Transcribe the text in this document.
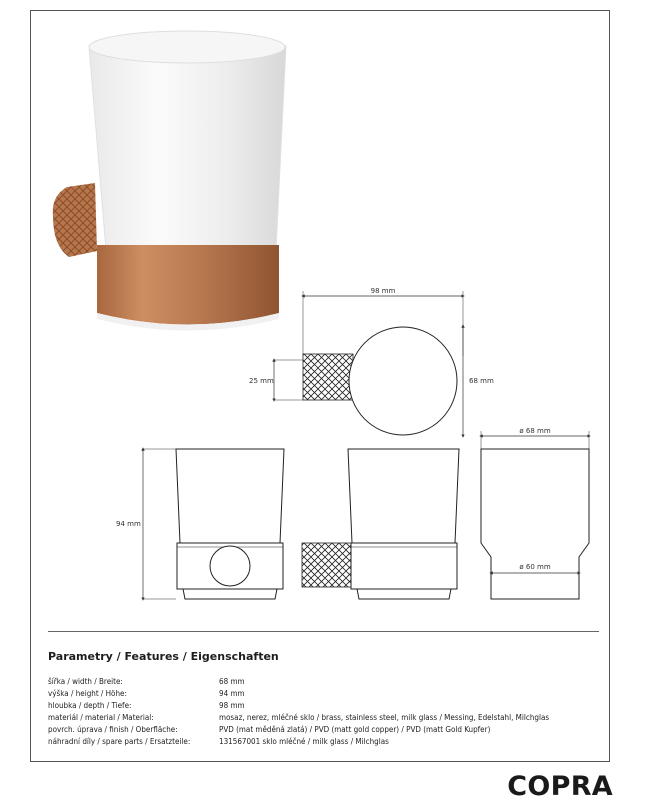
98 mm
68 mm
25 mm
94 mm
ø 68 mm
ø 60 mm
Parametry / Features / Eigenschaften
šířka / width / Breite:	68 mm
výška / height / Höhe:	94 mm
hloubka / depth / Tiefe:	98 mm
materiál / material / Material:	mosaz, nerez, mléčné sklo / brass, stainless steel, milk glass / Messing, Edelstahl, Milchglas
povrch. úprava / finish / Oberfläche:	PVD (mat měděná zlatá) / PVD (matt gold copper) / PVD (matt Gold Kupfer)
náhradní díly / spare parts / Ersatzteile:	131567001 sklo mléčné / milk glass / Milchglas
COPRA
